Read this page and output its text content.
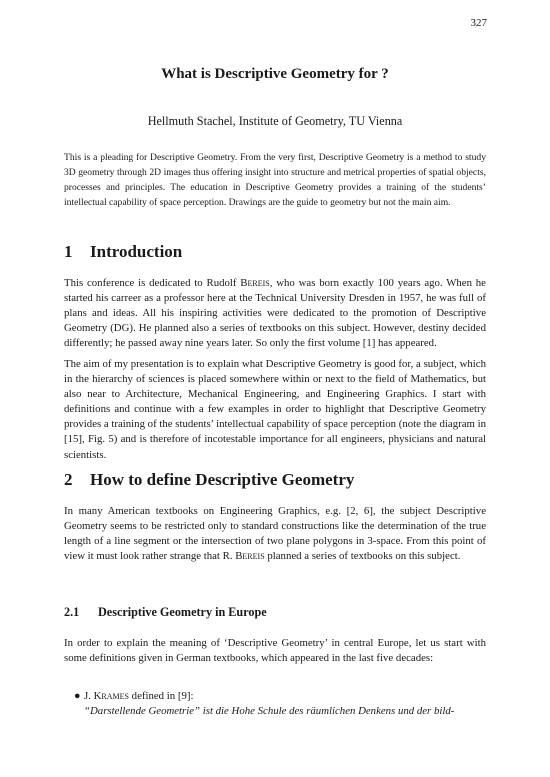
327
What is Descriptive Geometry for ?
Hellmuth Stachel, Institute of Geometry, TU Vienna
This is a pleading for Descriptive Geometry. From the very first, Descriptive Geometry is a method to study 3D geometry through 2D images thus offering insight into structure and metrical properties of spatial objects, processes and principles. The education in Descriptive Geometry provides a training of the students’ intellectual capability of space perception. Drawings are the guide to geometry but not the main aim.
1 Introduction

This conference is dedicated to Rudolf Bereis, who was born exactly 100 years ago. When he started his carreer as a professor here at the Technical University Dresden in 1957, he was full of plans and ideas. All his inspiring activities were dedicated to the promotion of Descriptive Geometry (DG). He planned also a series of textbooks on this subject. However, destiny decided differently; he passed away nine years later. So only the first volume [1] has appeared.

The aim of my presentation is to explain what Descriptive Geometry is good for, a subject, which in the hierarchy of sciences is placed somewhere within or next to the field of Mathematics, but also near to Architecture, Mechanical Engineering, and Engineering Graphics. I start with definitions and continue with a few examples in order to highlight that Descriptive Geometry provides a training of the students’ intellectual capability of space perception (note the diagram in [15], Fig. 5) and is therefore of incotestable importance for all engineers, physicians and natural scientists.

2 How to define Descriptive Geometry

In many American textbooks on Engineering Graphics, e.g. [2, 6], the subject Descriptive Geometry seems to be restricted only to standard constructions like the determination of the true length of a line segment or the intersection of two plane polygons in 3-space. From this point of view it must look rather strange that R. Bereis planned a series of textbooks on this subject.

2.1 Descriptive Geometry in Europe

In order to explain the meaning of ‘Descriptive Geometry’ in central Europe, let us start with some definitions given in German textbooks, which appeared in the last five decades:

● J. Krames defined in [9]:
“Darstellende Geometrie” ist die Hohe Schule des räumlichen Denkens und der bild-
